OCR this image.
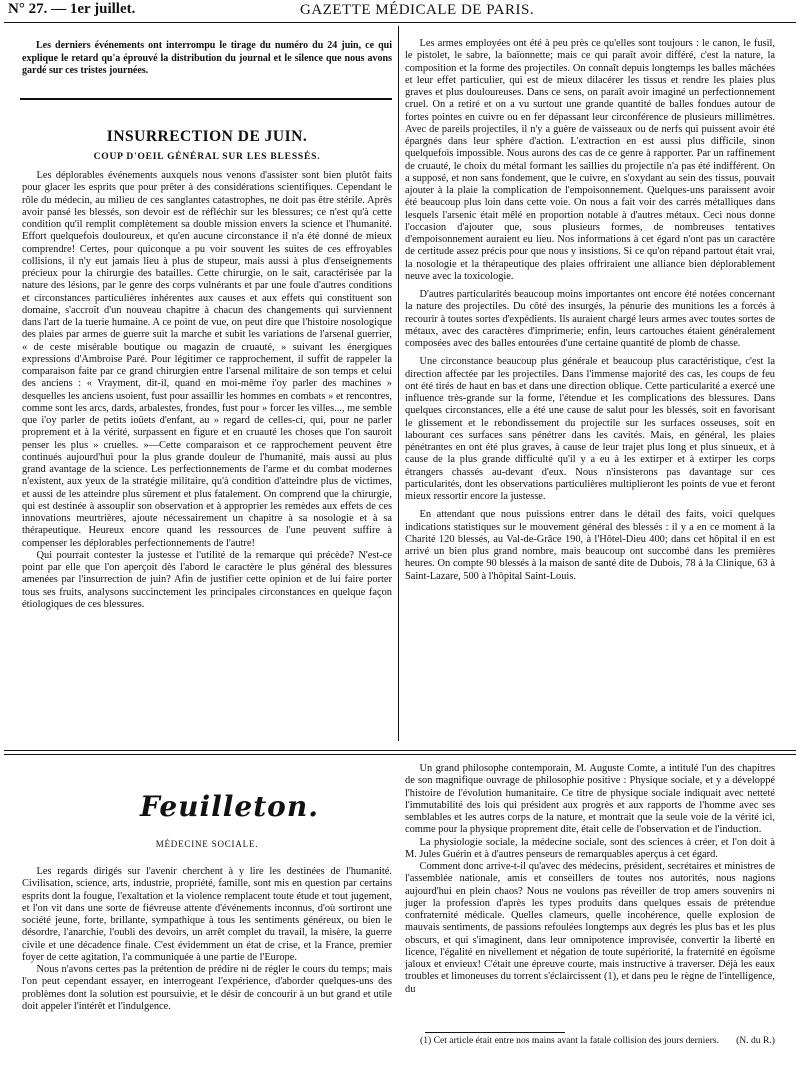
N° 27. — 1er juillet.	GAZETTE MÉDICALE DE PARIS.

Les derniers événements ont interrompu le tirage du numéro du 24 juin, ce qui explique le retard qu'a éprouvé la distribution du journal et le silence que nous avons gardé sur ces tristes journées.

INSURRECTION DE JUIN.
COUP D'OEIL GÉNÉRAL SUR LES BLESSÉS.

Les déplorables événements auxquels nous venons d'assister sont bien plutôt faits pour glacer les esprits que pour prêter à des considérations scientifiques. Cependant le rôle du médecin, au milieu de ces sanglantes catastrophes, ne doit pas être stérile. Après avoir pansé les blessés, son devoir est de réfléchir sur les blessures; ce n'est qu'à cette condition qu'il remplit complètement sa double mission envers la science et l'humanité. Effort quelquefois douloureux, et qu'en aucune circonstance il n'a été donné de mieux comprendre! Certes, pour quiconque a pu voir souvent les suites de ces effroyables collisions, il n'y eut jamais lieu à plus de stupeur, mais aussi à plus d'enseignements précieux pour la chirurgie des batailles. Cette chirurgie, on le sait, caractérisée par la nature des lésions, par le genre des corps vulnérants et par une foule d'autres conditions et circonstances particulières inhérentes aux causes et aux effets qui constituent son domaine, s'accroît d'un nouveau chapitre à chacun des changements qui surviennent dans l'art de la tuerie humaine. A ce point de vue, on peut dire que l'histoire nosologique des plaies par armes de guerre suit la marche et subit les variations de l'arsenal guerrier, « de ceste misérable boutique ou magazin de cruauté, » suivant les énergiques expressions d'Ambroise Paré. Pour légitimer ce rapprochement, il suffit de rappeler la comparaison faite par ce grand chirurgien entre l'arsenal militaire de son temps et celui des anciens : « Vrayment, dit-il, quand en moi-même i'oy parler des machines » desquelles les anciens usoient, fust pour assaillir les hommes en combats » et rencontres, comme sont les arcs, dards, arbalestes, frondes, fust pour » forcer les villes..., me semble que i'oy parler de petits ioüets d'enfant, au » regard de celles-ci, qui, pour ne parler proprement et à la vérité, surpassent en figure et en cruauté les choses que l'on sauroit penser les plus » cruelles. »—Cette comparaison et ce rapprochement peuvent être continués aujourd'hui pour la plus grande douleur de l'humanité, mais aussi au plus grand avantage de la science. Les perfectionnements de l'arme et du combat modernes n'existent, aux yeux de la stratégie militaire, qu'à condition d'atteindre plus de victimes, et aussi de les atteindre plus sûrement et plus fatalement. On comprend que la chirurgie, qui est destinée à assouplir son observation et à approprier les remèdes aux effets de ces innovations meurtrières, ajoute nécessairement un chapitre à sa nosologie et à sa thérapeutique. Heureux encore quand les ressources de l'une peuvent suffire à compenser les déplorables perfectionnements de l'autre!

Qui pourrait contester la justesse et l'utilité de la remarque qui précède? N'est-ce point par elle que l'on aperçoit dès l'abord le caractère le plus général des blessures amenées par l'insurrection de juin? Afin de justifier cette opinion et de lui faire porter tous ses fruits, analysons succinctement les principales circonstances en quelque façon étiologiques de ces blessures.

Les armes employées ont été à peu près ce qu'elles sont toujours : le canon, le fusil, le pistolet, le sabre, la baïonnette; mais ce qui paraît avoir différé, c'est la nature, la composition et la forme des projectiles. On connaît depuis longtemps les balles mâchées et leur effet particulier, qui est de mieux dilacérer les tissus et rendre les plaies plus graves et plus douloureuses. Dans ce sens, on paraît avoir imaginé un perfectionnement cruel. On a retiré et on a vu surtout une grande quantité de balles fondues autour de fortes pointes en cuivre ou en fer dépassant leur circonférence de plusieurs millimètres. Avec de pareils projectiles, il n'y a guère de vaisseaux ou de nerfs qui puissent avoir été épargnés dans leur sphère d'action. L'extraction en est aussi plus difficile, sinon quelquefois impossible. Nous aurons des cas de ce genre à rapporter. Par un raffinement de cruauté, le choix du métal formant les saillies du projectile n'a pas été indifférent. On a supposé, et non sans fondement, que le cuivre, en s'oxydant au sein des tissus, pouvait ajouter à la plaie la complication de l'empoisonnement. Quelques-uns paraissent avoir été beaucoup plus loin dans cette voie. On nous a fait voir des carrés métalliques dans lesquels l'arsenic était mêlé en proportion notable à d'autres métaux. Ceci nous donne l'occasion d'ajouter que, sous plusieurs formes, de nombreuses tentatives d'empoisonnement auraient eu lieu. Nos informations à cet égard n'ont pas un caractère de certitude assez précis pour que nous y insistions. Si ce qu'on répand partout était vrai, la nosologie et la thérapeutique des plaies offriraient une alliance bien déplorablement neuve avec la toxicologie.

D'autres particularités beaucoup moins importantes ont encore été notées concernant la nature des projectiles. Du côté des insurgés, la pénurie des munitions les a forcés à recourir à toutes sortes d'expédients. Ils auraient chargé leurs armes avec toutes sortes de métaux, avec des caractères d'imprimerie; enfin, leurs cartouches étaient généralement composées avec des balles entourées d'une certaine quantité de plomb de chasse.

Une circonstance beaucoup plus générale et beaucoup plus caractéristique, c'est la direction affectée par les projectiles. Dans l'immense majorité des cas, les coups de feu ont été tirés de haut en bas et dans une direction oblique. Cette particularité a exercé une influence très-grande sur la forme, l'étendue et les complications des blessures. Dans quelques circonstances, elle a été une cause de salut pour les blessés, soit en favorisant le glissement et le rebondissement du projectile sur les surfaces osseuses, soit en labourant ces surfaces sans pénétrer dans les cavités. Mais, en général, les plaies pénétrantes en ont été plus graves, à cause de leur trajet plus long et plus sinueux, et à cause de la plus grande difficulté qu'il y a eu à les extirper et à extirper les corps étrangers chassés au-devant d'eux. Nous n'insisterons pas davantage sur ces particularités, dont les observations particulières multiplieront les points de vue et feront mieux ressortir encore la justesse.

En attendant que nous puissions entrer dans le détail des faits, voici quelques indications statistiques sur le mouvement général des blessés : il y a en ce moment à la Charité 120 blessés, au Val-de-Grâce 190, à l'Hôtel-Dieu 400; dans cet hôpital il en est arrivé un bien plus grand nombre, mais beaucoup ont succombé dans les premières heures. On compte 90 blessés à la maison de santé dite de Dubois, 78 à la Clinique, 63 à Saint-Lazare, 500 à l'hôpital Saint-Louis.

Feuilleton.
MÉDECINE SOCIALE.

Les regards dirigés sur l'avenir cherchent à y lire les destinées de l'humanité. Civilisation, science, arts, industrie, propriété, famille, sont mis en question par certains esprits dont la fougue, l'exaltation et la violence remplacent toute étude et tout jugement, et l'on vit dans une sorte de fiévreuse attente d'événements inconnus, d'où sortiront une société jeune, forte, brillante, sympathique à tous les sentiments généreux, ou bien le désordre, l'anarchie, l'oubli des devoirs, un arrêt complet du travail, la misère, la guerre civile et une décadence finale. C'est évidemment un état de crise, et la France, premier foyer de cette agitation, l'a communiquée à une partie de l'Europe.

Nous n'avons certes pas la prétention de prédire ni de régler le cours du temps; mais l'on peut cependant essayer, en interrogeant l'expérience, d'aborder quelques-uns des problèmes dont la solution est poursuivie, et le désir de concourir à un but grand et utile doit appeler l'intérêt et l'indulgence.

Un grand philosophe contemporain, M. Auguste Comte, a intitulé l'un des chapitres de son magnifique ouvrage de philosophie positive : Physique sociale, et y a développé l'histoire de l'évolution humanitaire. Ce titre de physique sociale indiquait avec netteté l'immutabilité des lois qui président aux progrès et aux rapports de l'homme avec ses semblables et les autres corps de la nature, et montrait que la seule voie de la vérité ici, comme pour la physique proprement dite, était celle de l'observation et de l'induction.

La physiologie sociale, la médecine sociale, sont des sciences à créer, et l'on doit à M. Jules Guérin et à d'autres penseurs de remarquables aperçus à cet égard.

Comment donc arrive-t-il qu'avec des médecins, président, secrétaires et ministres de l'assemblée nationale, amis et conseillers de toutes nos autorités, nous nagions aujourd'hui en plein chaos? Nous ne voulons pas réveiller de trop amers souvenirs ni juger la profession d'après les types produits dans quelques essais de prétendue confraternité médicale. Quelles clameurs, quelle incohérence, quelle explosion de mauvais sentiments, de passions refoulées longtemps aux degrés les plus bas et les plus obscurs, et qui s'imaginent, dans leur omnipotence improvisée, convertir la liberté en licence, l'égalité en nivellement et négation de toute supériorité, la fraternité en égoïsme jaloux et envieux! C'était une épreuve courte, mais instructive à traverser. Déjà les eaux troubles et limoneuses du torrent s'éclaircissent (1), et dans peu le règne de l'intelligence, du

(1) Cet article était entre nos mains avant la fatale collision des jours derniers. (N. du R.)
